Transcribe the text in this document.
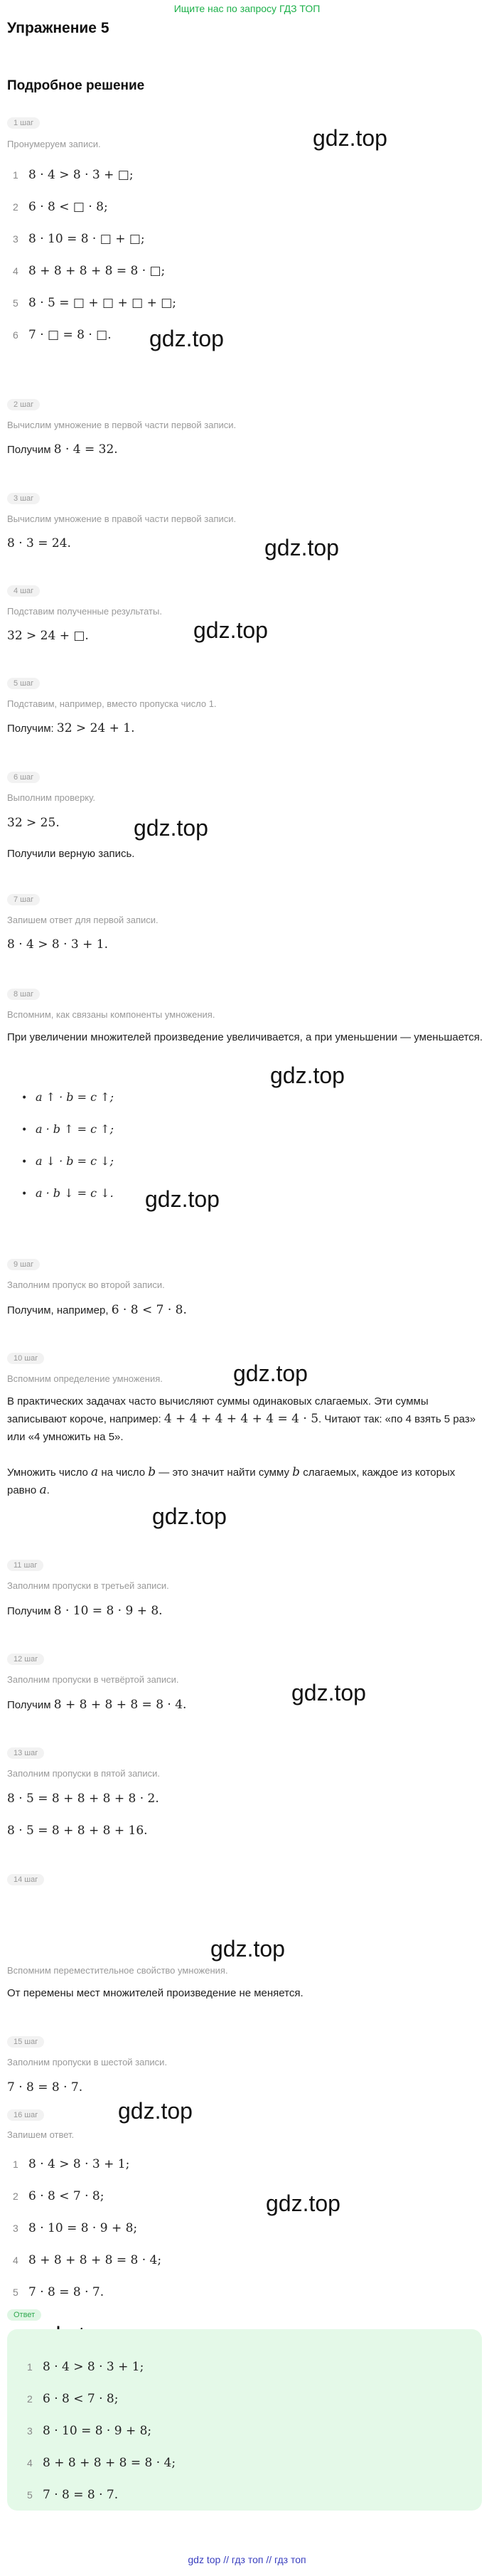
Ищите нас по запросу ГДЗ ТОП
Упражнение 5
Подробное решение
gdz.top
gdz.top
gdz.top
gdz.top
gdz.top
gdz.top
gdz.top
gdz.top
gdz.top
gdz.top
gdz.top
gdz.top
gdz.top
1 шаг
Пронумеруем записи.
1 8 · 4 > 8 · 3 + □;
2 6 · 8 < □ · 8;
3 8 · 10 = 8 · □ + □;
4 8 + 8 + 8 + 8 = 8 · □;
5 8 · 5 = □ + □ + □ + □;
6 7 · □ = 8 · □.
2 шаг
Вычислим умножение в первой части первой записи.
Получим 8 · 4 = 32.
3 шаг
Вычислим умножение в правой части первой записи.
8 · 3 = 24.
4 шаг
Подставим полученные результаты.
32 > 24 + □.
5 шаг
Подставим, например, вместо пропуска число 1.
Получим: 32 > 24 + 1.
6 шаг
Выполним проверку.
32 > 25.
Получили верную запись.
7 шаг
Запишем ответ для первой записи.
8 · 4 > 8 · 3 + 1.
8 шаг
Вспомним, как связаны компоненты умножения.
При увеличении множителей произведение увеличивается, а при уменьшении — уменьшается.
• a ↑ · b = c ↑;
• a · b ↑ = c ↑;
• a ↓ · b = c ↓;
• a · b ↓ = c ↓.
9 шаг
Заполним пропуск во второй записи.
Получим, например, 6 · 8 < 7 · 8.
10 шаг
Вспомним определение умножения.
В практических задачах часто вычисляют суммы одинаковых слагаемых. Эти суммы записывают короче, например: 4 + 4 + 4 + 4 + 4 = 4 · 5. Читают так: «по 4 взять 5 раз» или «4 умножить на 5».
Умножить число a на число b — это значит найти сумму b слагаемых, каждое из которых равно a.
11 шаг
Заполним пропуски в третьей записи.
Получим 8 · 10 = 8 · 9 + 8.
12 шаг
Заполним пропуски в четвёртой записи.
Получим 8 + 8 + 8 + 8 = 8 · 4.
13 шаг
Заполним пропуски в пятой записи.
8 · 5 = 8 + 8 + 8 + 8 · 2.
8 · 5 = 8 + 8 + 8 + 16.
14 шаг
Вспомним переместительное свойство умножения.
От перемены мест множителей произведение не меняется.
15 шаг
Заполним пропуски в шестой записи.
7 · 8 = 8 · 7.
16 шаг
Запишем ответ.
1 8 · 4 > 8 · 3 + 1;
2 6 · 8 < 7 · 8;
3 8 · 10 = 8 · 9 + 8;
4 8 + 8 + 8 + 8 = 8 · 4;
5 7 · 8 = 8 · 7.
Ответ
1 8 · 4 > 8 · 3 + 1;
2 6 · 8 < 7 · 8;
3 8 · 10 = 8 · 9 + 8;
4 8 + 8 + 8 + 8 = 8 · 4;
5 7 · 8 = 8 · 7.
gdz top // гдз топ // гдз топ
